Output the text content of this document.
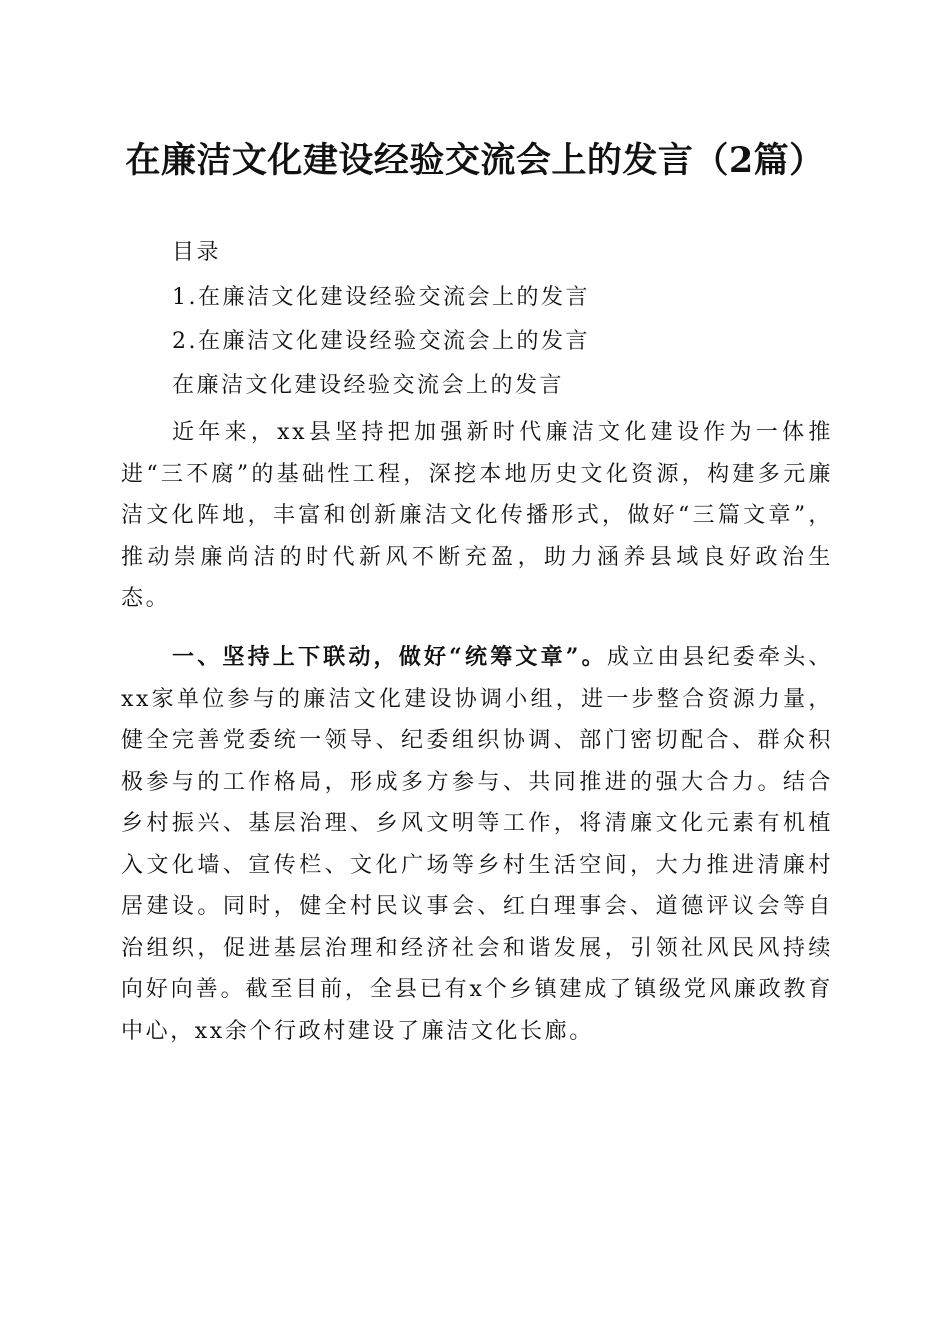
在廉洁文化建设经验交流会上的发言（2篇）

目录

1.在廉洁文化建设经验交流会上的发言

2.在廉洁文化建设经验交流会上的发言

在廉洁文化建设经验交流会上的发言

近年来，xx县坚持把加强新时代廉洁文化建设作为一体推进“三不腐”的基础性工程，深挖本地历史文化资源，构建多元廉洁文化阵地，丰富和创新廉洁文化传播形式，做好“三篇文章”，推动崇廉尚洁的时代新风不断充盈，助力涵养县域良好政治生态。

一、坚持上下联动，做好“统筹文章”。成立由县纪委牵头、xx家单位参与的廉洁文化建设协调小组，进一步整合资源力量，健全完善党委统一领导、纪委组织协调、部门密切配合、群众积极参与的工作格局，形成多方参与、共同推进的强大合力。结合乡村振兴、基层治理、乡风文明等工作，将清廉文化元素有机植入文化墙、宣传栏、文化广场等乡村生活空间，大力推进清廉村居建设。同时，健全村民议事会、红白理事会、道德评议会等自治组织，促进基层治理和经济社会和谐发展，引领社风民风持续向好向善。截至目前，全县已有x个乡镇建成了镇级党风廉政教育中心，xx余个行政村建设了廉洁文化长廊。
